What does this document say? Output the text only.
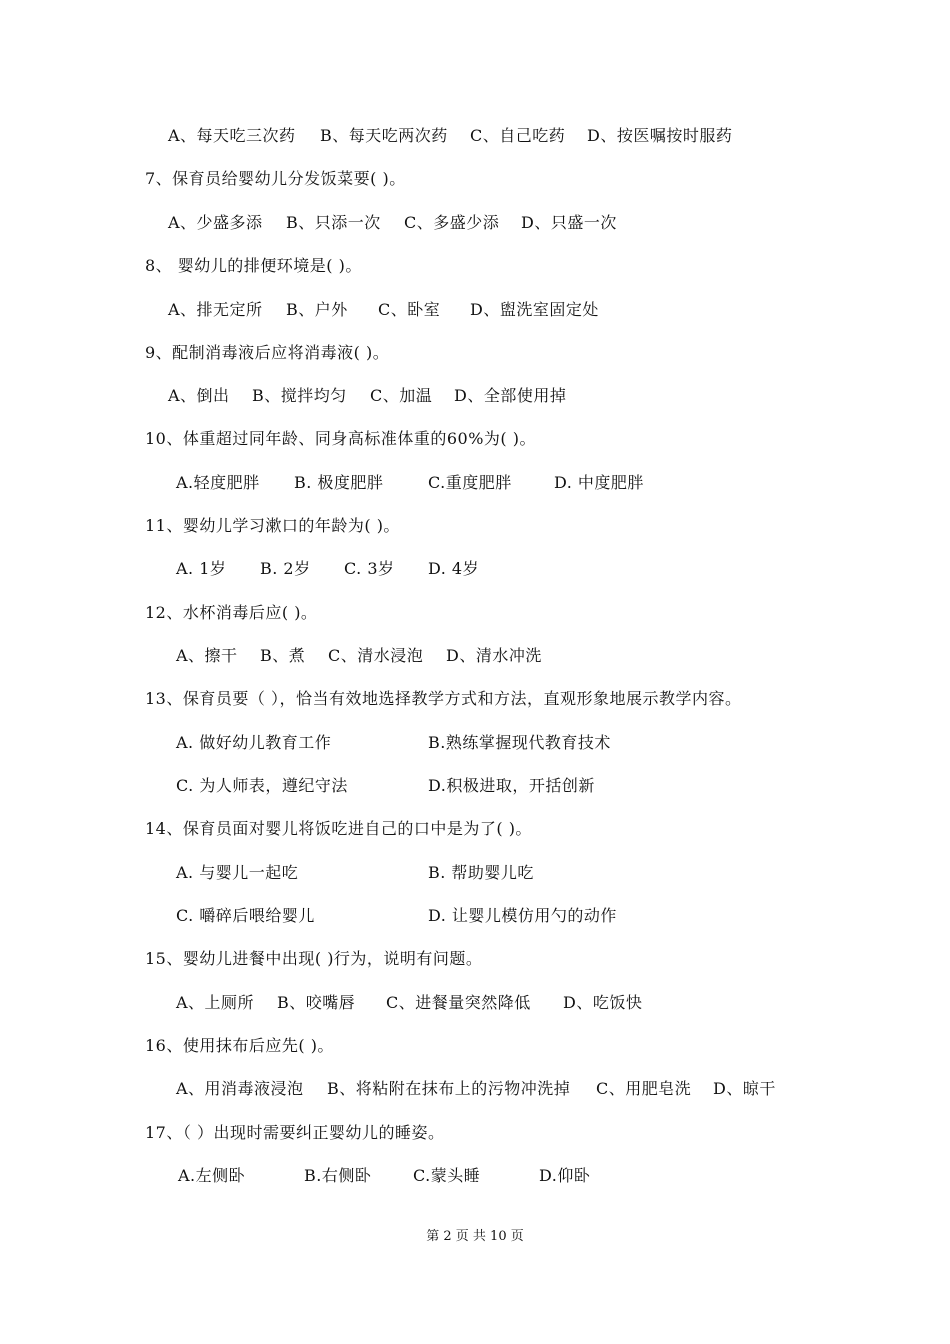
A、每天吃三次药 B、每天吃两次药 C、自己吃药 D、按医嘱按时服药
7、保育员给婴幼儿分发饭菜要( )。
A、少盛多添 B、只添一次 C、多盛少添 D、只盛一次
8、 婴幼儿的排便环境是( )。
A、排无定所 B、户外 C、卧室 D、盥洗室固定处
9、配制消毒液后应将消毒液( )。
A、倒出 B、搅拌均匀 C、加温 D、全部使用掉
10、体重超过同年龄、同身高标准体重的60%为( )。
A.轻度肥胖 B. 极度肥胖	C.重度肥胖	D. 中度肥胖
11、婴幼儿学习漱口的年龄为( )。
A. 1岁 B. 2岁 C. 3岁 D. 4岁
12、水杯消毒后应( )。
A、擦干 B、煮 C、清水浸泡 D、清水冲洗
13、保育员要（ ），恰当有效地选择教学方式和方法，直观形象地展示教学内容。
A. 做好幼儿教育工作	B.熟练掌握现代教育技术
C. 为人师表，遵纪守法	D.积极进取，开括创新
14、保育员面对婴儿将饭吃进自己的口中是为了( )。
A. 与婴儿一起吃	B. 帮助婴儿吃
C. 嚼碎后喂给婴儿	D. 让婴儿模仿用勺的动作
15、婴幼儿进餐中出现( )行为，说明有问题。
A、上厕所 B、咬嘴唇 C、进餐量突然降低 D、吃饭快
16、使用抹布后应先( )。
A、用消毒液浸泡 B、将粘附在抹布上的污物冲洗掉 C、用肥皂洗 D、晾干
17、（ ）出现时需要纠正婴幼儿的睡姿。
A.左侧卧	B.右侧卧	C.蒙头睡	D.仰卧
第 2 页 共 10 页
